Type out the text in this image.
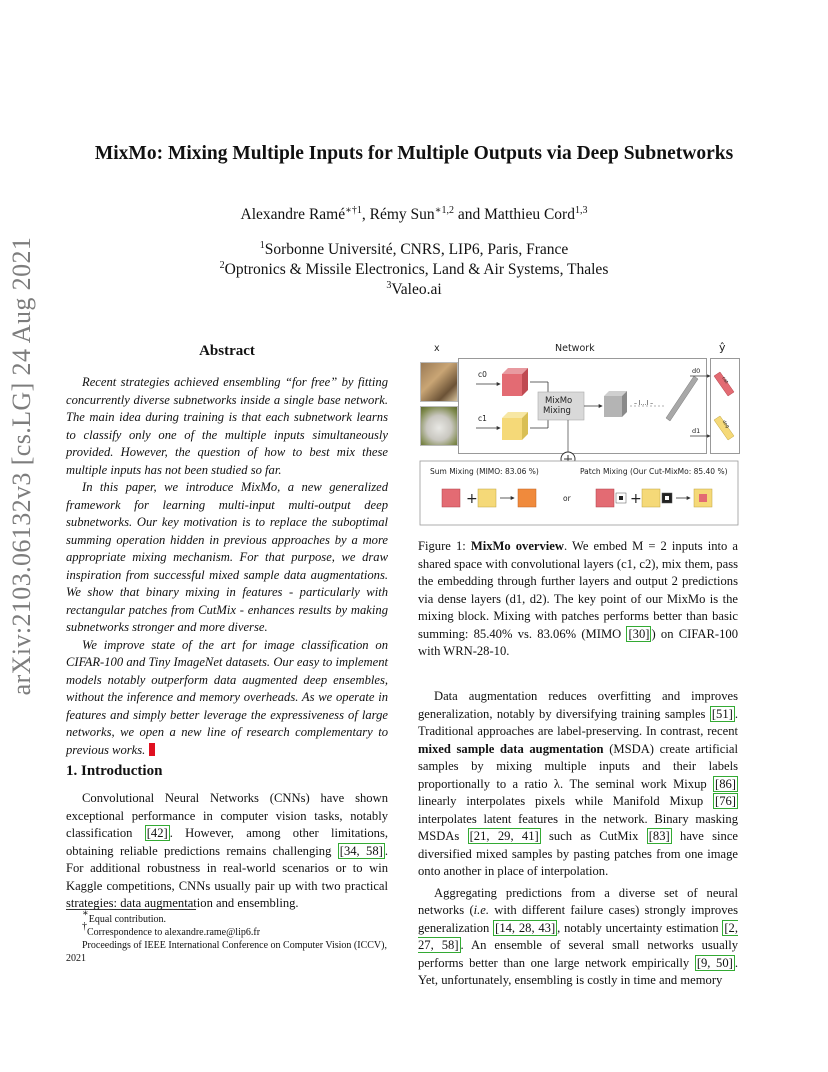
arXiv:2103.06132v3 [cs.LG] 24 Aug 2021
MixMo: Mixing Multiple Inputs for Multiple Outputs via Deep Subnetworks
Alexandre Ramé$^{∗\dagger 1}$, Rémy Sun$^{∗1,2}$ and Matthieu Cord$^{1,3}$
$^1$Sorbonne Université, CNRS, LIP6, Paris, France
$^2$Optronics & Missile Electronics, Land & Air Systems, Thales
$^3$Valeo.ai
Abstract

Recent strategies achieved ensembling “for free” by fitting concurrently diverse subnetworks inside a single base network. The main idea during training is that each subnetwork learns to classify only one of the multiple inputs simultaneously provided. However, the question of how to best mix these multiple inputs has not been studied so far.

In this paper, we introduce MixMo, a new generalized framework for learning multi-input multi-output deep subnetworks. Our key motivation is to replace the suboptimal summing operation hidden in previous approaches by a more appropriate mixing mechanism. For that purpose, we draw inspiration from successful mixed sample data augmentations. We show that binary mixing in features - particularly with rectangular patches from CutMix - enhances results by making subnetworks stronger and more diverse.

We improve state of the art for image classification on CIFAR-100 and Tiny ImageNet datasets. Our easy to implement models notably outperform data augmented deep ensembles, without the inference and memory overheads. As we operate in features and simply better leverage the expressiveness of large networks, we open a new line of research complementary to previous works.

1. Introduction

Convolutional Neural Networks (CNNs) have shown exceptional performance in computer vision tasks, notably classification [42] . However, among other limitations, obtaining reliable predictions remains challenging [34, 58] . For additional robustness in real-world scenarios or to win Kaggle competitions, CNNs usually pair up with two practical strategies: data augmentation and ensembling.

∗Equal contribution.
†Correspondence to alexandre.rame@lip6.fr
Proceedings of IEEE International Conference on Computer Vision (ICCV), 2021
x	Network	ŷ
+	+
c0
c1
MixMo
Mixing
– l…l –
d0
d1
cat
dog
Sum Mixing (MIMO: 83.06 %)
or
Patch Mixing (Our Cut-MixMo: 85.40 %)
Figure 1: MixMo overview. We embed M = 2 inputs into a shared space with convolutional layers (c1, c2), mix them, pass the embedding through further layers and output 2 predictions via dense layers (d1, d2). The key point of our MixMo is the mixing block. Mixing with patches performs better than basic summing: 85.40% vs. 83.06% (MIMO [30] ) on CIFAR-100 with WRN-28-10.

Data augmentation reduces overfitting and improves generalization, notably by diversifying training samples [51] . Traditional approaches are label-preserving. In contrast, recent mixed sample data augmentation (MSDA) create artificial samples by mixing multiple inputs and their labels proportionally to a ratio λ. The seminal work Mixup [86] linearly interpolates pixels while Manifold Mixup [76] interpolates latent features in the network. Binary masking MSDAs [21, 29, 41] such as CutMix [83] have since diversified mixed samples by pasting patches from one image onto another in place of interpolation.

Aggregating predictions from a diverse set of neural networks (i.e. with different failure cases) strongly improves generalization [14, 28, 43] , notably uncertainty estimation [2, 27, 58] . An ensemble of several small networks usually performs better than one large network empirically [9, 50] . Yet, unfortunately, ensembling is costly in time and memory
